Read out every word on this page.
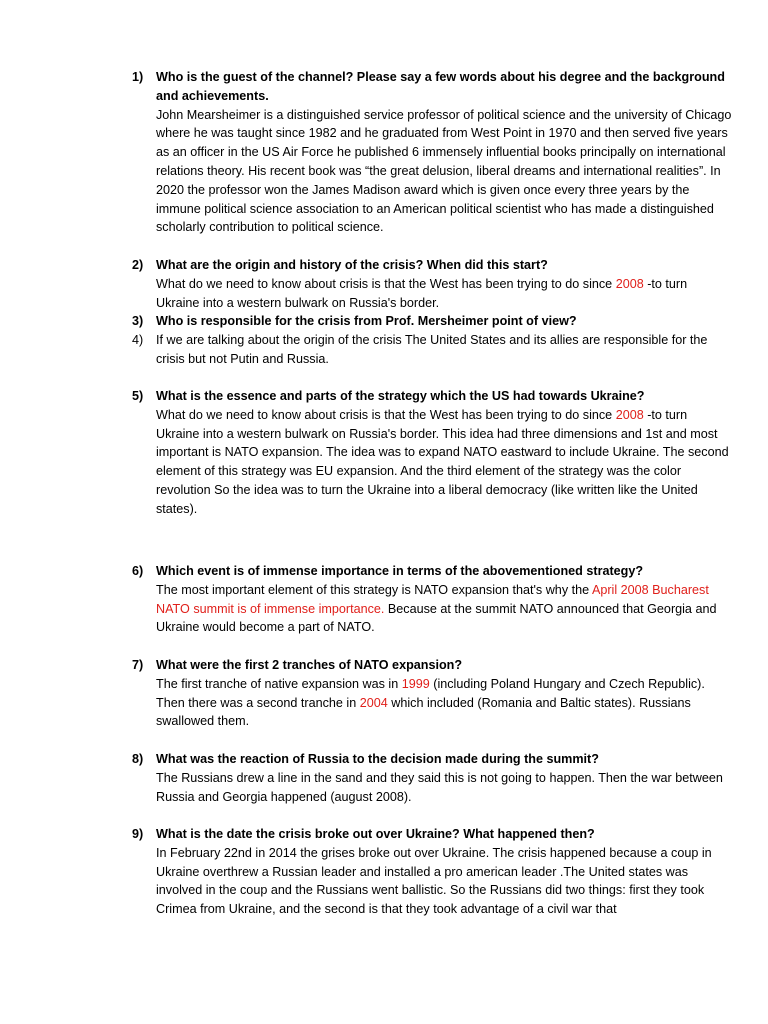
1)	Who is the guest of the channel? Please say a few words about his degree and the background and achievements.
John Mearsheimer is a distinguished service professor of political science and the university of Chicago where he was taught since 1982 and he graduated from West Point in 1970 and then served five years as an officer in the US Air Force he published 6 immensely influential books principally on international relations theory. His recent book was “the great delusion, liberal dreams and international realities”. In 2020 the professor won the James Madison award which is given once every three years by the immune political science association to an American political scientist who has made a distinguished scholarly contribution to political science.
2)	What are the origin and history of the crisis? When did this start?
What do we need to know about crisis is that the West has been trying to do since 2008 -to turn Ukraine into a western bulwark on Russia's border.
3)	Who is responsible for the crisis from Prof. Mersheimer point of view?
4)	If we are talking about the origin of the crisis The United States and its allies are responsible for the crisis but not Putin and Russia.
5)	What is the essence and parts of the strategy which the US had towards Ukraine?
What do we need to know about crisis is that the West has been trying to do since 2008 -to turn Ukraine into a western bulwark on Russia's border. This idea had three dimensions and 1st and most important is NATO expansion. The idea was to expand NATO eastward to include Ukraine. The second element of this strategy was EU expansion. And the third element of the strategy was the color revolution So the idea was to turn the Ukraine into a liberal democracy (like written like the United states).
6)	Which event is of immense importance in terms of the abovementioned strategy?
The most important element of this strategy is NATO expansion that's why the April 2008 Bucharest NATO summit is of immense importance. Because at the summit NATO announced that Georgia and Ukraine would become a part of NATO.
7)	What were the first 2 tranches of NATO expansion?
The first tranche of native expansion was in 1999 (including Poland Hungary and Czech Republic). Then there was a second tranche in 2004 which included (Romania and Baltic states). Russians swallowed them.
8)	What was the reaction of Russia to the decision made during the summit?
The Russians drew a line in the sand and they said this is not going to happen. Then the war between Russia and Georgia happened (august 2008).
9)	What is the date the crisis broke out over Ukraine? What happened then?
In February 22nd in 2014 the grises broke out over Ukraine. The crisis happened because a coup in Ukraine overthrew a Russian leader and installed a pro american leader .The United states was involved in the coup and the Russians went ballistic. So the Russians did two things: first they took Crimea from Ukraine, and the second is that they took advantage of a civil war that
